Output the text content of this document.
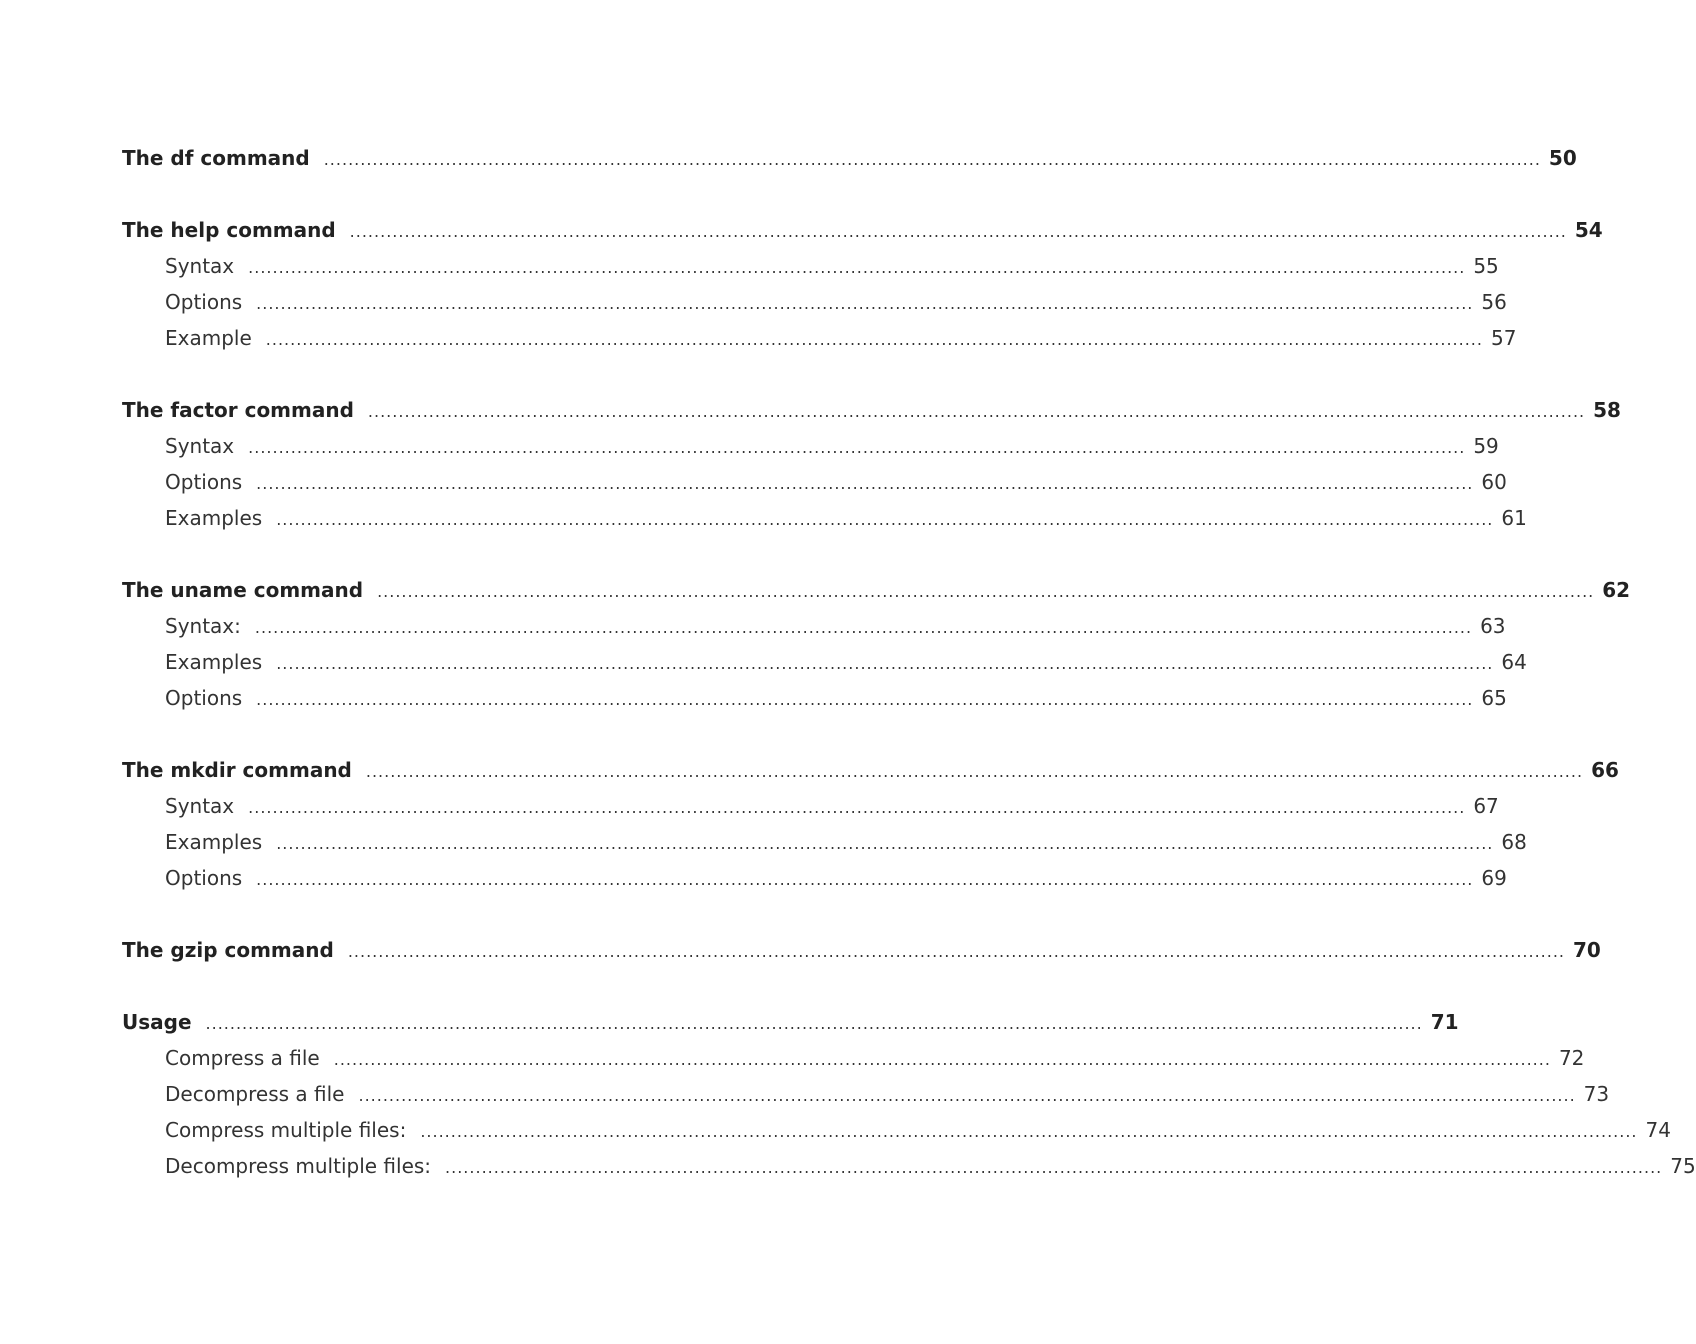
The df command ........................................................................................................................................................................................................ 50
The help command ........................................................................................................................................................................................................ 54
Syntax ........................................................................................................................................................................................................ 55
Options ........................................................................................................................................................................................................ 56
Example ........................................................................................................................................................................................................ 57
The factor command ........................................................................................................................................................................................................ 58
Syntax ........................................................................................................................................................................................................ 59
Options ........................................................................................................................................................................................................ 60
Examples ........................................................................................................................................................................................................ 61
The uname command ........................................................................................................................................................................................................ 62
Syntax: ........................................................................................................................................................................................................ 63
Examples ........................................................................................................................................................................................................ 64
Options ........................................................................................................................................................................................................ 65
The mkdir command ........................................................................................................................................................................................................ 66
Syntax ........................................................................................................................................................................................................ 67
Examples ........................................................................................................................................................................................................ 68
Options ........................................................................................................................................................................................................ 69
The gzip command ........................................................................................................................................................................................................ 70
Usage ........................................................................................................................................................................................................ 71
Compress a file ........................................................................................................................................................................................................ 72
Decompress a file ........................................................................................................................................................................................................ 73
Compress multiple files: ........................................................................................................................................................................................................ 74
Decompress multiple files: ........................................................................................................................................................................................................ 75
